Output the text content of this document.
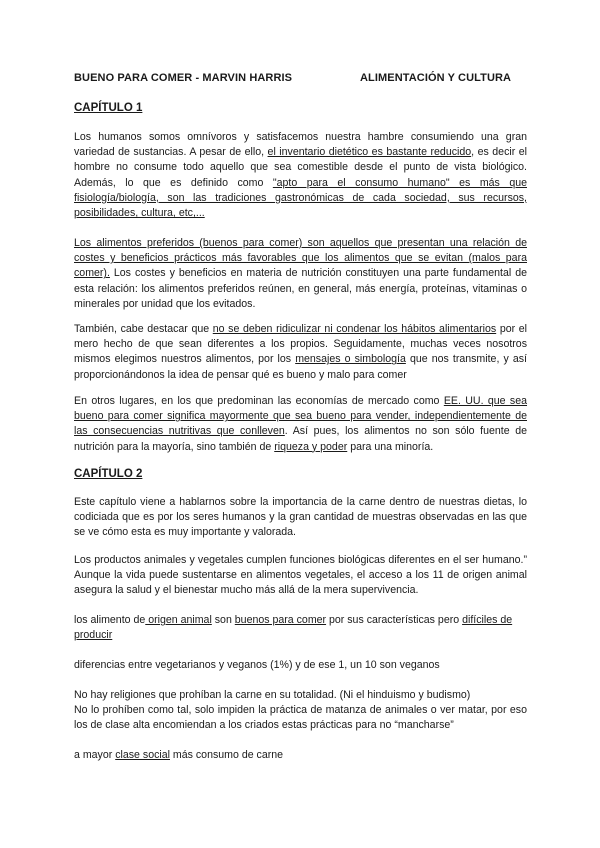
BUENO PARA COMER - MARVIN HARRIS	ALIMENTACIÓN Y CULTURA
CAPÍTULO 1
Los humanos somos omnívoros y satisfacemos nuestra hambre consumiendo una gran variedad de sustancias. A pesar de ello, el inventario dietético es bastante reducido, es decir el hombre no consume todo aquello que sea comestible desde el punto de vista biológico. Además, lo que es definido como "apto para el consumo humano" es más que fisiología/biología, son las tradiciones gastronómicas de cada sociedad, sus recursos, posibilidades, cultura, etc,...
Los alimentos preferidos (buenos para comer) son aquellos que presentan una relación de costes y beneficios prácticos más favorables que los alimentos que se evitan (malos para comer). Los costes y beneficios en materia de nutrición constituyen una parte fundamental de esta relación: los alimentos preferidos reúnen, en general, más energía, proteínas, vitaminas o minerales por unidad que los evitados.
También, cabe destacar que no se deben ridiculizar ni condenar los hábitos alimentarios por el mero hecho de que sean diferentes a los propios. Seguidamente, muchas veces nosotros mismos elegimos nuestros alimentos, por los mensajes o simbología que nos transmite, y así proporcionándonos la idea de pensar qué es bueno y malo para comer
En otros lugares, en los que predominan las economías de mercado como EE. UU. que sea bueno para comer significa mayormente que sea bueno para vender, independientemente de las consecuencias nutritivas que conlleven. Así pues, los alimentos no son sólo fuente de nutrición para la mayoría, sino también de riqueza y poder para una minoría.
CAPÍTULO 2
Este capítulo viene a hablarnos sobre la importancia de la carne dentro de nuestras dietas, lo codiciada que es por los seres humanos y la gran cantidad de muestras observadas en las que se ve cómo esta es muy importante y valorada.
Los productos animales y vegetales cumplen funciones biológicas diferentes en el ser humano.” Aunque la vida puede sustentarse en alimentos vegetales, el acceso a los 11 de origen animal asegura la salud y el bienestar mucho más allá de la mera supervivencia.
los alimento de origen animal son buenos para comer por sus características pero difíciles de producir
diferencias entre vegetarianos y veganos (1%) y de ese 1, un 10 son veganos
No hay religiones que prohíban la carne en su totalidad. (Ni el hinduismo y budismo)
No lo prohíben como tal, solo impiden la práctica de matanza de animales o ver matar, por eso los de clase alta encomiendan a los criados estas prácticas para no “mancharse”
a mayor clase social más consumo de carne
